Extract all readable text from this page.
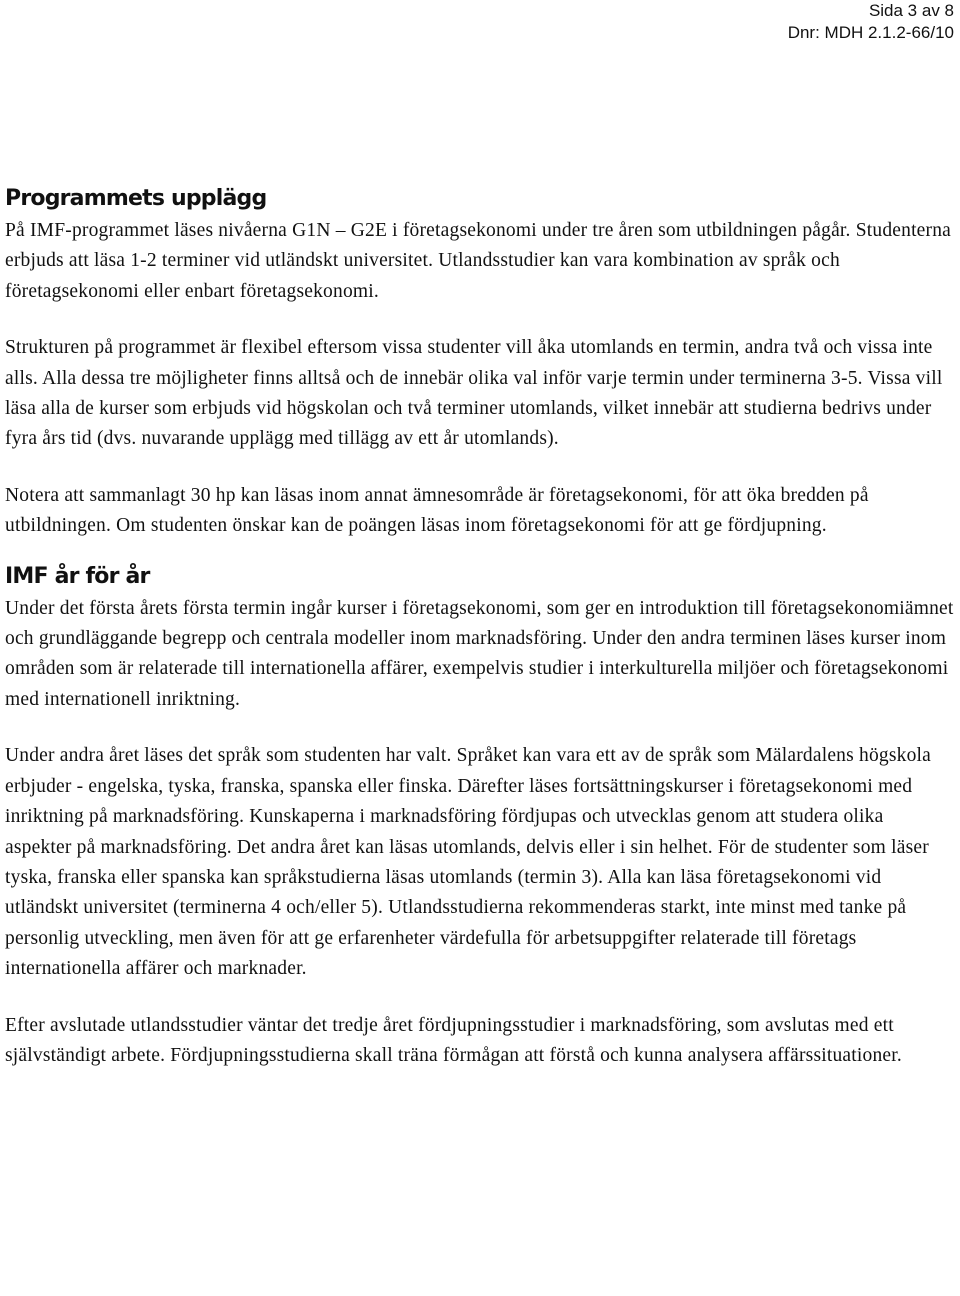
Sida 3 av 8
Dnr: MDH 2.1.2-66/10
Programmets upplägg

På IMF-programmet läses nivåerna G1N – G2E i företagsekonomi under tre åren som utbildningen pågår. Studenterna erbjuds att läsa 1-2 terminer vid utländskt universitet. Utlandsstudier kan vara kombination av språk och företagsekonomi eller enbart företagsekonomi.

Strukturen på programmet är flexibel eftersom vissa studenter vill åka utomlands en termin, andra två och vissa inte alls. Alla dessa tre möjligheter finns alltså och de innebär olika val inför varje termin under terminerna 3-5. Vissa vill läsa alla de kurser som erbjuds vid högskolan och två terminer utomlands, vilket innebär att studierna bedrivs under fyra års tid (dvs. nuvarande upplägg med tillägg av ett år utomlands).

Notera att sammanlagt 30 hp kan läsas inom annat ämnesområde är företagsekonomi, för att öka bredden på utbildningen. Om studenten önskar kan de poängen läsas inom företagsekonomi för att ge fördjupning.

IMF år för år

Under det första årets första termin ingår kurser i företagsekonomi, som ger en introduktion till företagsekonomiämnet och grundläggande begrepp och centrala modeller inom marknadsföring. Under den andra terminen läses kurser inom områden som är relaterade till internationella affärer, exempelvis studier i interkulturella miljöer och företagsekonomi med internationell inriktning.

Under andra året läses det språk som studenten har valt. Språket kan vara ett av de språk som Mälardalens högskola erbjuder - engelska, tyska, franska, spanska eller finska. Därefter läses fortsättningskurser i företagsekonomi med inriktning på marknadsföring. Kunskaperna i marknadsföring fördjupas och utvecklas genom att studera olika aspekter på marknadsföring. Det andra året kan läsas utomlands, delvis eller i sin helhet. För de studenter som läser tyska, franska eller spanska kan språkstudierna läsas utomlands (termin 3). Alla kan läsa företagsekonomi vid utländskt universitet (terminerna 4 och/eller 5). Utlandsstudierna rekommenderas starkt, inte minst med tanke på personlig utveckling, men även för att ge erfarenheter värdefulla för arbetsuppgifter relaterade till företags internationella affärer och marknader.

Efter avslutade utlandsstudier väntar det tredje året fördjupningsstudier i marknadsföring, som avslutas med ett självständigt arbete. Fördjupningsstudierna skall träna förmågan att förstå och kunna analysera affärssituationer.
